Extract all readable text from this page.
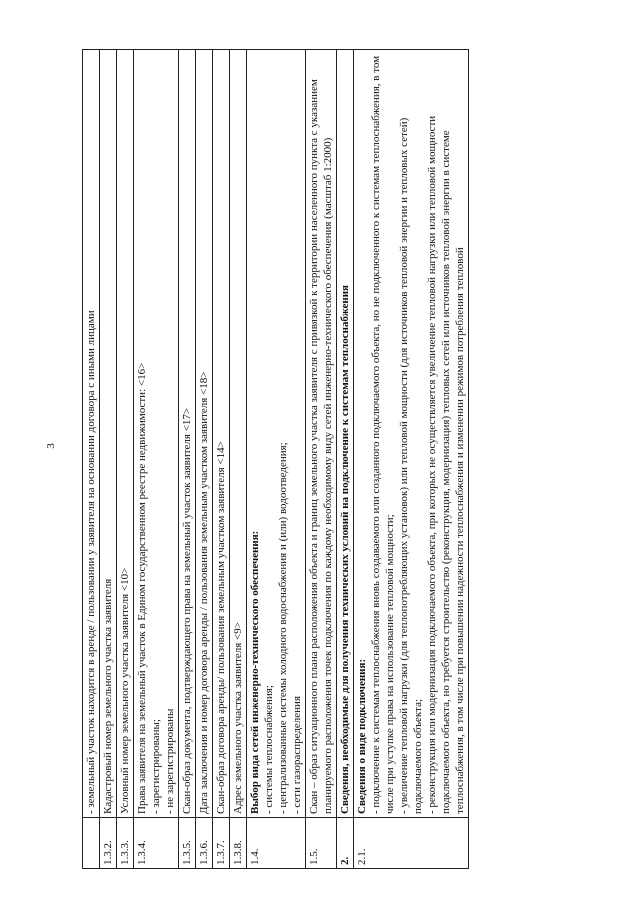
3

	- земельный участок находится в аренде / пользовании у заявителя на основании договора с иными лицами

1.3.2.	Кадастровый номер земельного участка заявителя

1.3.3.	Условный номер земельного участка заявителя <10>

1.3.4.	Права заявителя на земельный участок в Едином государственном реестре недвижимости: <16> - зарегистрированы; - не зарегистрированы

1.3.5.	Скан-образ документа, подтверждающего права на земельный участок заявителя <17>

1.3.6.	Дата заключения и номер договора аренды / пользования земельным участком заявителя <18>

1.3.7.	Скан-образ договора аренды/ пользования земельным участком заявителя <14>

1.3.8.	Адрес земельного участка заявителя <9>

1.4.	Выбор вида сетей инженерно-технического обеспечения: - системы теплоснабжения; - централизованные системы холодного водоснабжения и (или) водоотведения; - сети газораспределения

1.5.	Скан – образ ситуационного плана расположения объекта и границ земельного участка заявителя с привязкой к территории населенного пункта с указанием планируемого расположения точек подключения по каждому необходимому виду сетей инженерно-технического обеспечения (масштаб 1:2000)

2.	Сведения, необходимые для получения технических условий на подключение к системам теплоснабжения

2.1.	Сведения о виде подключения: - подключение к системам теплоснабжения вновь создаваемого или созданного подключаемого объекта, но не подключенного к системам теплоснабжения, в том числе при уступке права на использование тепловой мощности; - увеличение тепловой нагрузки (для теплопотребляющих установок) или тепловой мощности (для источников тепловой энергии и тепловых сетей) подключаемого объекта; - реконструкция или модернизация подключаемого объекта, при которых не осуществляется увеличение тепловой нагрузки или тепловой мощности подключаемого объекта, но требуется строительство (реконструкция, модернизация) тепловых сетей или источников тепловой энергии в системе теплоснабжения, в том числе при повышении надежности теплоснабжения и изменении режимов потребления тепловой
